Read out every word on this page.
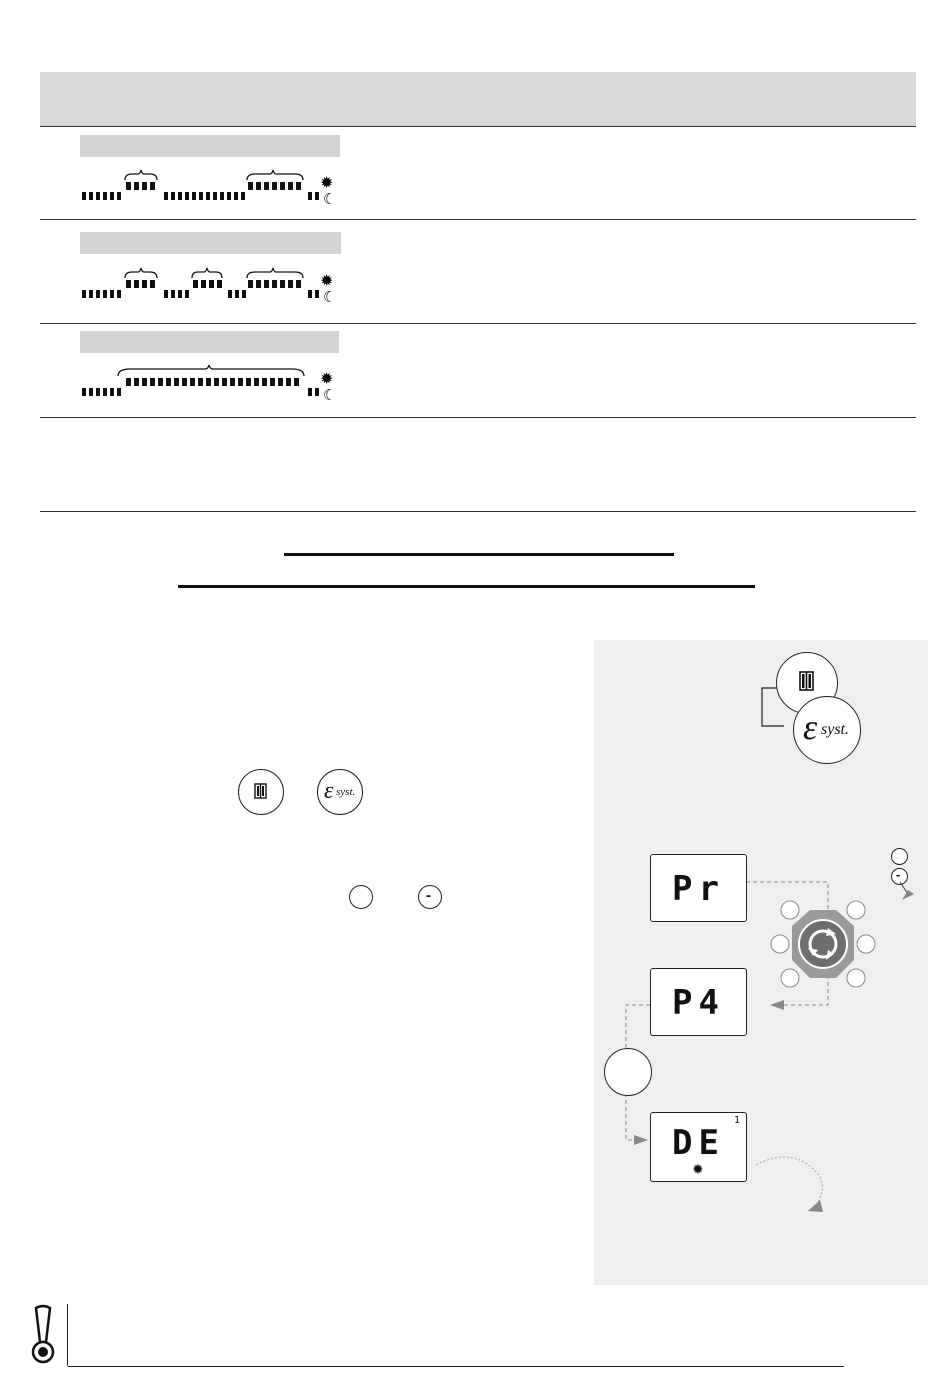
✹
☾
✹
☾
✹
☾
ε syst.
-
ε syst.
-
Pr
P4
DE
1
✹
